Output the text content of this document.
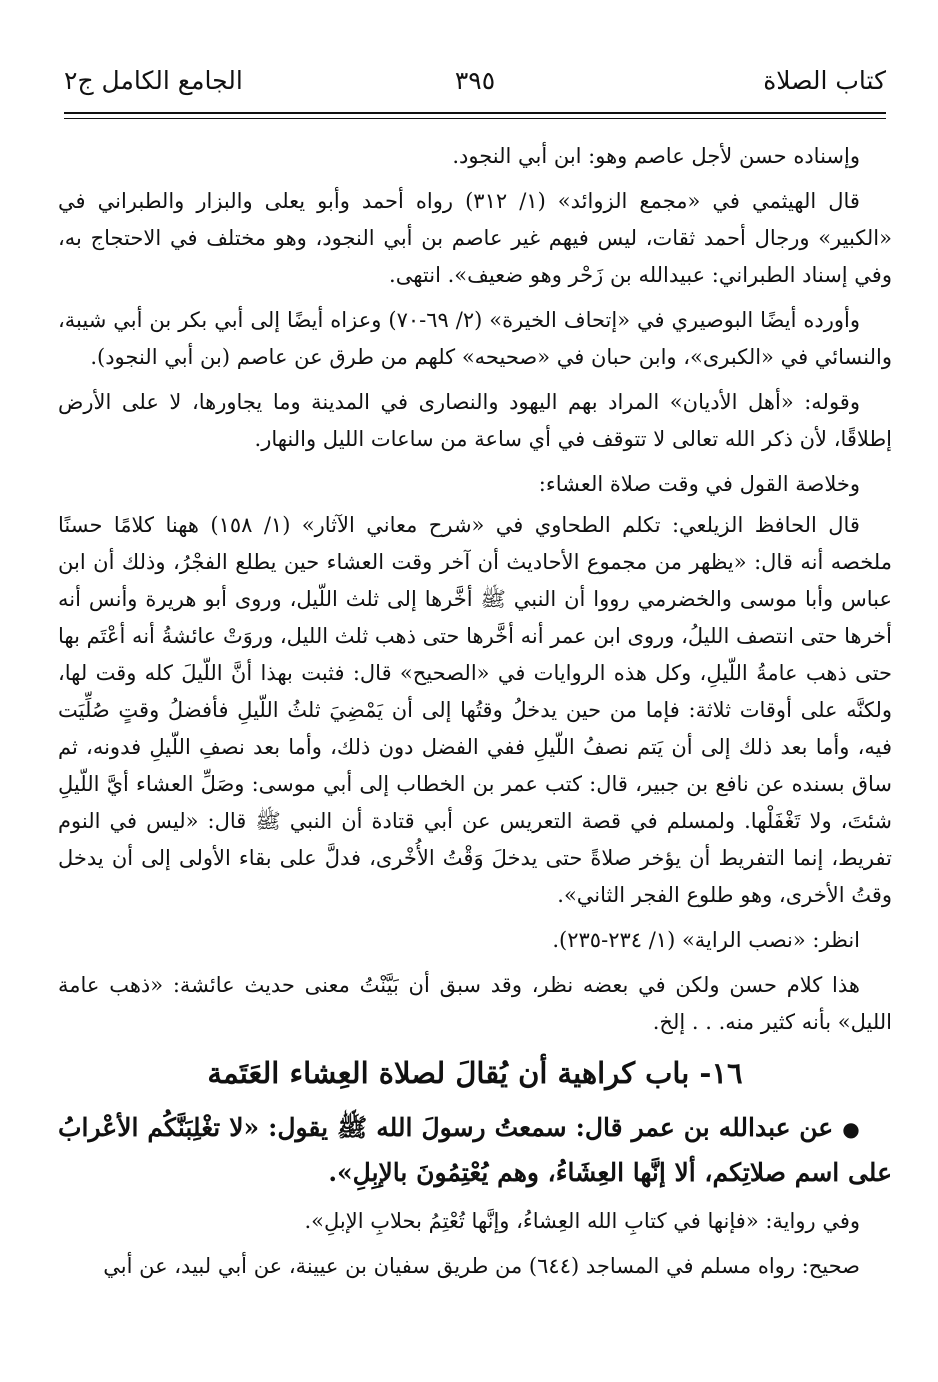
كتاب الصلاة
٣٩٥
الجامع الكامل ج٢

وإسناده حسن لأجل عاصم وهو: ابن أبي النجود.

قال الهيثمي في «مجمع الزوائد» (١/ ٣١٢) رواه أحمد وأبو يعلى والبزار والطبراني في «الكبير» ورجال أحمد ثقات، ليس فيهم غير عاصم بن أبي النجود، وهو مختلف في الاحتجاج به، وفي إسناد الطبراني: عبيدالله بن زَحْر وهو ضعيف». انتهى.

وأورده أيضًا البوصيري في «إتحاف الخيرة» (٢/ ٦٩-٧٠) وعزاه أيضًا إلى أبي بكر بن أبي شيبة، والنسائي في «الكبرى»، وابن حبان في «صحيحه» كلهم من طرق عن عاصم (بن أبي النجود).

وقوله: «أهل الأديان» المراد بهم اليهود والنصارى في المدينة وما يجاورها، لا على الأرض إطلاقًا، لأن ذكر الله تعالى لا تتوقف في أي ساعة من ساعات الليل والنهار.

وخلاصة القول في وقت صلاة العشاء:

قال الحافظ الزيلعي: تكلم الطحاوي في «شرح معاني الآثار» (١/ ١٥٨) ههنا كلامًا حسنًا ملخصه أنه قال: «يظهر من مجموع الأحاديث أن آخر وقت العشاء حين يطلع الفجْرُ، وذلك أن ابن عباس وأبا موسى والخضرمي رووا أن النبي ﷺ أخَّرها إلى ثلث اللّيل، وروى أبو هريرة وأنس أنه أخرها حتى انتصف الليلُ، وروى ابن عمر أنه أخَّرها حتى ذهب ثلث الليل، وروَتْ عائشةُ أنه أعْتَم بها حتى ذهب عامةُ اللّيلِ، وكل هذه الروايات في «الصحيح» قال: فثبت بهذا أنَّ اللّيلَ كله وقت لها، ولكنَّه على أوقات ثلاثة: فإما من حين يدخلُ وقتُها إلى أن يَمْضِيَ ثلثُ اللّيلِ فأفضلُ وقتٍ صُلِّيَت فيه، وأما بعد ذلك إلى أن يَتم نصفُ اللّيلِ ففي الفضل دون ذلك، وأما بعد نصفِ اللّيلِ فدونه، ثم ساق بسنده عن نافع بن جبير، قال: كتب عمر بن الخطاب إلى أبي موسى: وصَلِّ العشاء أيَّ اللّيلِ شئتَ، ولا تَغْفَلْها. ولمسلم في قصة التعريس عن أبي قتادة أن النبي ﷺ قال: «ليس في النوم تفريط، إنما التفريط أن يؤخر صلاةً حتى يدخلَ وَقْتُ الأُخْرى، فدلَّ على بقاء الأولى إلى أن يدخل وقتُ الأخرى، وهو طلوع الفجر الثاني».

انظر: «نصب الراية» (١/ ٢٣٤-٢٣٥).

هذا كلام حسن ولكن في بعضه نظر، وقد سبق أن بَيَّنْتُ معنى حديث عائشة: «ذهب عامة الليل» بأنه كثير منه. . . إلخ.

١٦- باب كراهية أن يُقالَ لصلاة العِشاء العَتَمة

● عن عبدالله بن عمر قال: سمعتُ رسولَ الله ﷺ يقول: «لا تغْلِبَنَّكُم الأعْرابُ على اسم صلاتِكم، ألا إنَّها العِشَاءُ، وهم يُعْتِمُونَ بالإبِلِ».

وفي رواية: «فإنها في كتابِ الله العِشاءُ، وإنَّها تُعْتِمُ بحلابِ الإبلِ».

صحيح: رواه مسلم في المساجد (٦٤٤) من طريق سفيان بن عيينة، عن أبي لبيد، عن أبي
